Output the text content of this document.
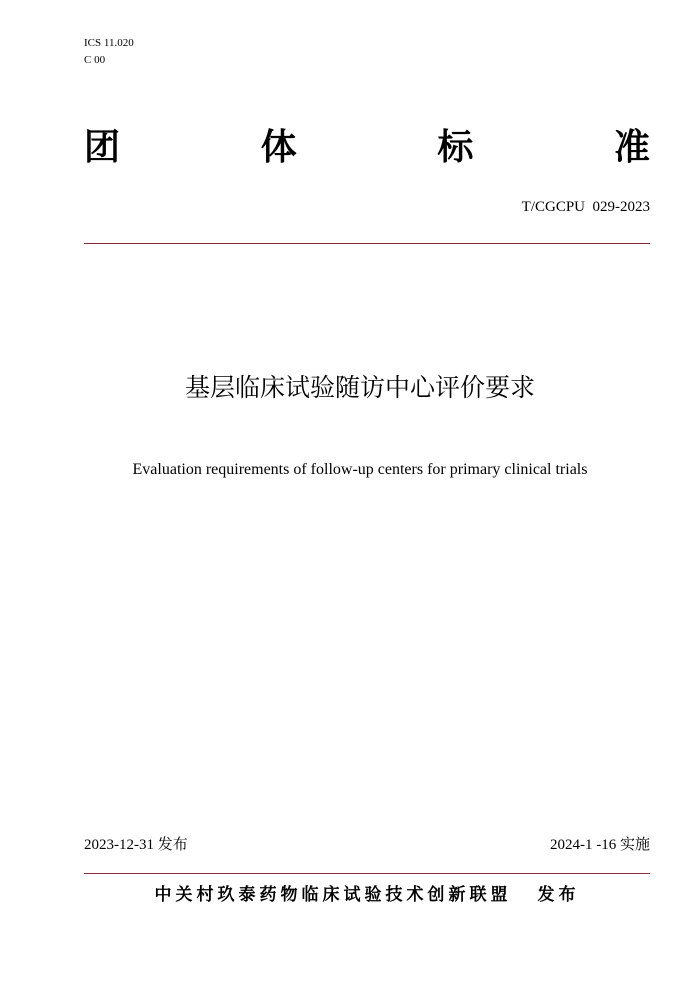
ICS 11.020
C 00
团	体	标	准
T/CGCPU  029-2023
基层临床试验随访中心评价要求
Evaluation requirements of follow-up centers for primary clinical trials
2023-12-31 发布	2024-1 -16 实施
中关村玖泰药物临床试验技术创新联盟 发布
